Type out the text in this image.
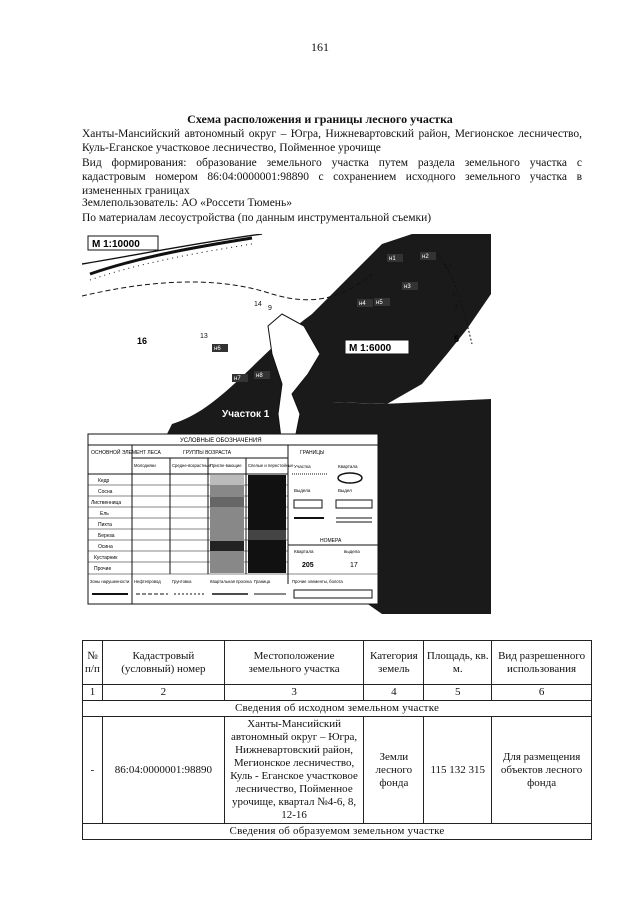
161
Схема расположения и границы лесного участка
Ханты-Мансийский автономный округ – Югра, Нижневартовский район, Мегионское лесничество, Куль-Еганское участковое лесничество, Пойменное урочище
Вид формирования: образование земельного участка путем раздела земельного участка с кадастровым номером 86:04:0000001:98890 с сохранением исходного земельного участка в измененных границах
Землепользователь: АО «Россети Тюмень»
По материалам лесоустройства (по данным инструментальной съемки)
М 1:10000
М 1:6000
Участок 1
16	5
н1	н2
н3
н4 н5
н6
н7	н8
9
14
13
17
1
2
УСЛОВНЫЕ ОБОЗНАЧЕНИЯ
ОСНОВНОЙ ЭЛЕМЕНТ ЛЕСА	ГРУППЫ ВОЗРАСТА	ГРАНИЦЫ
Молодняки	Средне-возрастные Приспе-вающие Спелые и перестойные
Кедр
Сосна
Лиственница
Ель
Пихта
Береза
Осина
Кустарник
Прочие
Участка	Квартала
Выдела	Выдел
НОМЕРА
Квартала	выдела
205	17
Зоны нарушенности Нефтепровод	Грунтовка	Квартальная просека Граница	Прочие элементы, болота
№ п/п	Кадастровый (условный) номер	Местоположение земельного участка	Категория земель	Площадь, кв. м.	Вид разрешенного использования
1	2	3	4	5	6
Сведения об исходном земельном участке					
-	86:04:0000001:98890	Ханты-Мансийский автономный округ – Югра, Нижневартовский район, Мегионское лесничество, Куль - Еганское участковое лесничество, Пойменное урочище, квартал №4-6, 8, 12-16	Земли лесного фонда	115 132 315	Для размещения объектов лесного фонда
Сведения об образуемом земельном участке					
